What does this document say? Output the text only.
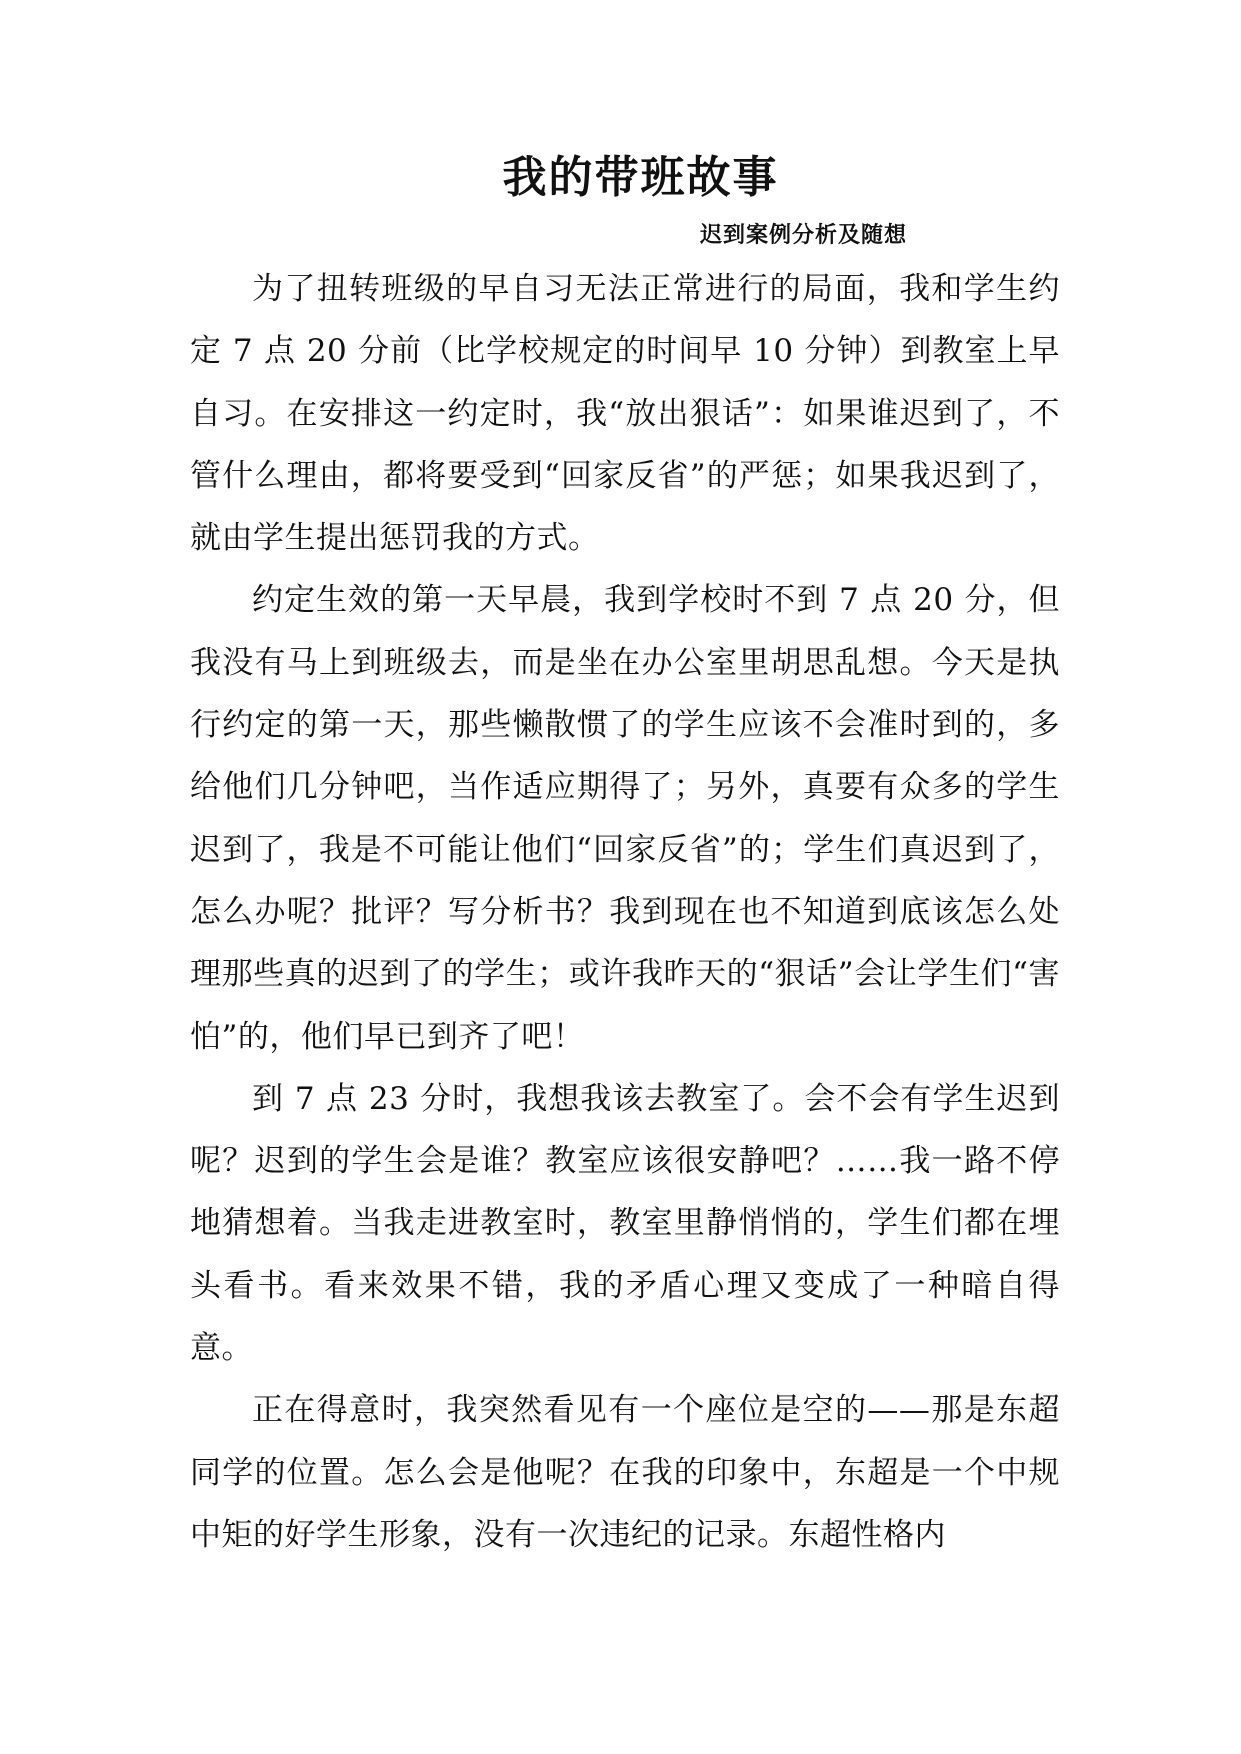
我的带班故事
迟到案例分析及随想

为了扭转班级的早自习无法正常进行的局面，我和学生约定 7 点 20 分前（比学校规定的时间早 10 分钟）到教室上早自习。在安排这一约定时，我“放出狠话”：如果谁迟到了，不管什么理由，都将要受到“回家反省”的严惩；如果我迟到了，就由学生提出惩罚我的方式。

约定生效的第一天早晨，我到学校时不到 7 点 20 分，但我没有马上到班级去，而是坐在办公室里胡思乱想。今天是执行约定的第一天，那些懒散惯了的学生应该不会准时到的，多给他们几分钟吧，当作适应期得了；另外，真要有众多的学生迟到了，我是不可能让他们“回家反省”的；学生们真迟到了，怎么办呢？批评？写分析书？我到现在也不知道到底该怎么处理那些真的迟到了的学生；或许我昨天的“狠话”会让学生们“害怕”的，他们早已到齐了吧！

到 7 点 23 分时，我想我该去教室了。会不会有学生迟到呢？迟到的学生会是谁？教室应该很安静吧？……我一路不停地猜想着。当我走进教室时，教室里静悄悄的，学生们都在埋头看书。看来效果不错，我的矛盾心理又变成了一种暗自得意。

正在得意时，我突然看见有一个座位是空的——那是东超同学的位置。怎么会是他呢？在我的印象中，东超是一个中规中矩的好学生形象，没有一次违纪的记录。东超性格内
